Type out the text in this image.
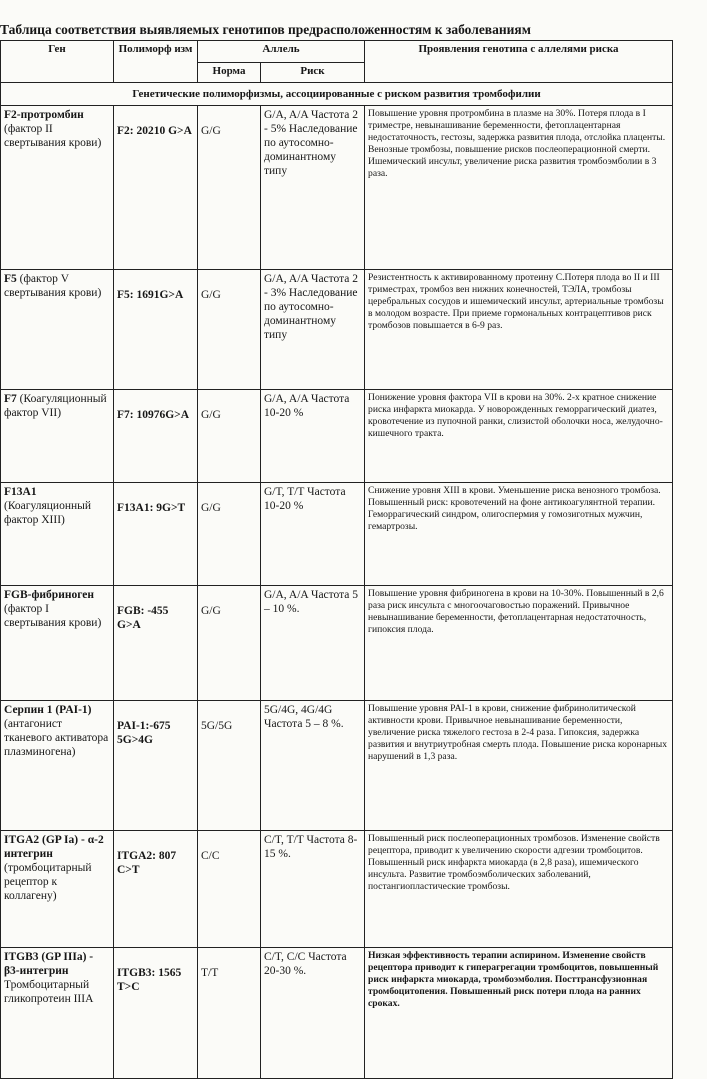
Таблица соответствия выявляемых генотипов предрасположенностям к заболеваниям
Ген	Полиморф изм	Аллель		Проявления генотипа с аллелями риска
		Норма	Риск	
Генетические полиморфизмы, ассоциированные с риском развития тромбофилии				
F2-протромбин (фактор II свертывания крови)	F2: 20210 G>A	G/G	G/A, A/A Частота 2 - 5% Наследование по аутосомно-доминантному типу	Повышение уровня протромбина в плазме на 30%. Потеря плода в I триместре, невынашивание беременности, фетоплацентарная недостаточность, гестозы, задержка развития плода, отслойка плаценты. Венозные тромбозы, повышение рисков послеоперационной смерти. Ишемический инсульт, увеличение риска развития тромбоэмболии в 3 раза.
F5 (фактор V свертывания крови)	F5: 1691G>A	G/G	G/A, A/A Частота 2 - 3% Наследование по аутосомно-доминантному типу	Резистентность к активированному протеину С.Потеря плода во II и III триместрах, тромбоз вен нижних конечностей, ТЭЛА, тромбозы церебральных сосудов и ишемический инсульт, артериальные тромбозы в молодом возрасте. При приеме гормональных контрацептивов риск тромбозов повышается в 6-9 раз.
F7 (Коагуляционный фактор VII)	F7: 10976G>A	G/G	G/A, A/A Частота 10-20 %	Понижение уровня фактора VII в крови на 30%. 2-х кратное снижение риска инфаркта миокарда. У новорожденных геморрагический диатез, кровотечение из пупочной ранки, слизистой оболочки носа, желудочно-кишечного тракта.
F13A1 (Коагуляционный фактор XIII)	F13A1: 9G>T	G/G	G/T, T/T Частота 10-20 %	Снижение уровня XIII в крови. Уменьшение риска венозного тромбоза. Повышенный риск: кровотечений на фоне антикоагулянтной терапии. Геморрагический синдром, олигоспермия у гомозиготных мужчин, гемартрозы.
FGB-фибриноген (фактор I свертывания крови)	FGB: -455 G>A	G/G	G/A, A/A Частота 5 – 10 %.	Повышение уровня фибриногена в крови на 10-30%. Повышенный в 2,6 раза риск инсульта с многоочаговостью поражений. Привычное невынашивание беременности, фетоплацентарная недостаточность, гипоксия плода.
Серпин 1 (PAI-1) (антагонист тканевого активатора плазминогена)	PAI-1:-675 5G>4G	5G/5G	5G/4G, 4G/4G Частота 5 – 8 %.	Повышение уровня PAI-1 в крови, снижение фибринолитической активности крови. Привычное невынашивание беременности, увеличение риска тяжелого гестоза в 2-4 раза. Гипоксия, задержка развития и внутриутробная смерть плода. Повышение риска коронарных нарушений в 1,3 раза.
ITGA2 (GP Ia) - α-2 интегрин (тромбоцитарный рецептор к коллагену)	ITGA2: 807 C>T	C/C	C/T, T/T Частота 8-15 %.	Повышенный риск послеоперационных тромбозов. Изменение свойств рецептора, приводит к увеличению скорости адгезии тромбоцитов. Повышенный риск инфаркта миокарда (в 2,8 раза), ишемического инсульта. Развитие тромбоэмболических заболеваний, постангиопластические тромбозы.
ITGB3 (GP IIIa) - β3-интегрин Тромбоцитарный гликопротеин IIIA	ITGB3: 1565 T>C	T/T	C/T, C/C Частота 20-30 %.	Низкая эффективность терапии аспирином. Изменение свойств рецептора приводит к гиперагрегации тромбоцитов, повышенный риск инфаркта миокарда, тромбоэмболия. Посттрансфузионная тромбоцитопения. Повышенный риск потери плода на ранних сроках.
